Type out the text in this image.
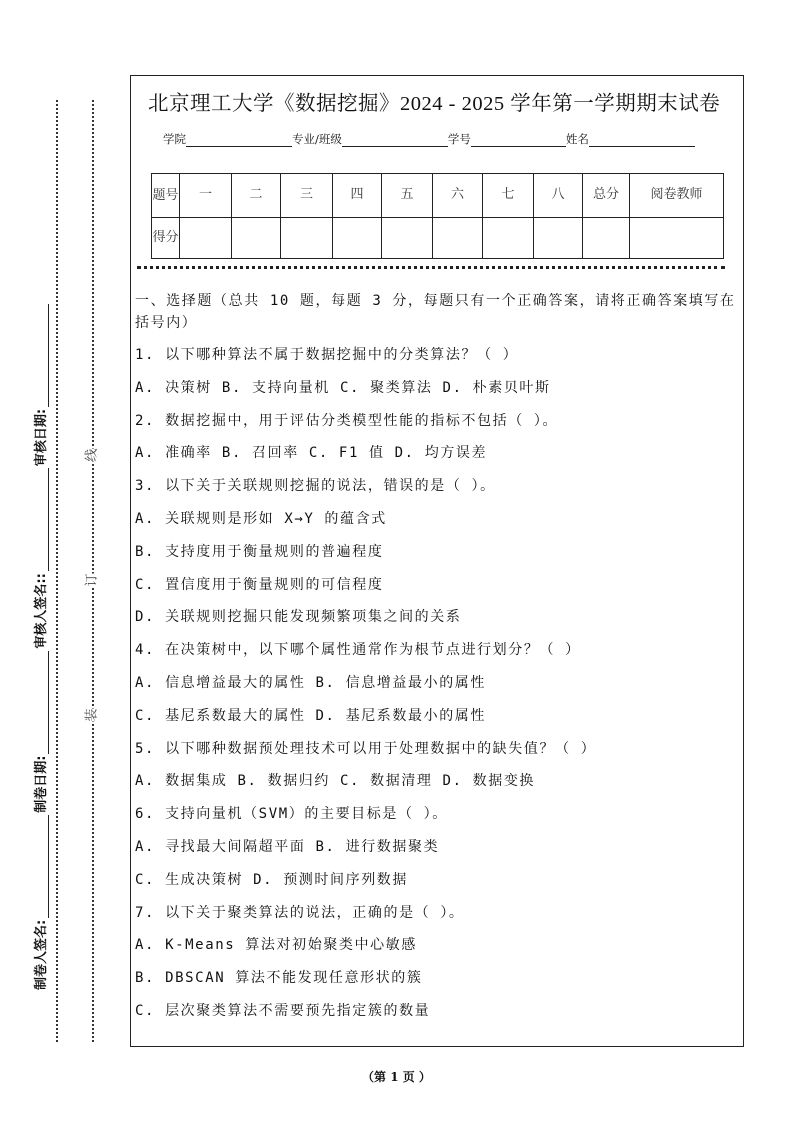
装
订
线
制卷人签名:
制卷日期:
审核人签名::
审核日期:
北京理工大学《数据挖掘》2024 - 2025 学年第一学期期末试卷
学院	专业/班级	学号	姓名
题号	一	二	三	四	五	六	七	八	总分	阅卷教师
得分										
一、选择题（总共 10 题，每题 3 分，每题只有一个正确答案，请将正确答案填写在括号内）
1. 以下哪种算法不属于数据挖掘中的分类算法？（ ）
A. 决策树 B. 支持向量机 C. 聚类算法 D. 朴素贝叶斯
2. 数据挖掘中，用于评估分类模型性能的指标不包括（ ）。
A. 准确率 B. 召回率 C. F1 值 D. 均方误差
3. 以下关于关联规则挖掘的说法，错误的是（ ）。
A. 关联规则是形如 X→Y 的蕴含式
B. 支持度用于衡量规则的普遍程度
C. 置信度用于衡量规则的可信程度
D. 关联规则挖掘只能发现频繁项集之间的关系
4. 在决策树中，以下哪个属性通常作为根节点进行划分？（ ）
A. 信息增益最大的属性 B. 信息增益最小的属性
C. 基尼系数最大的属性 D. 基尼系数最小的属性
5. 以下哪种数据预处理技术可以用于处理数据中的缺失值？（ ）
A. 数据集成 B. 数据归约 C. 数据清理 D. 数据变换
6. 支持向量机（SVM）的主要目标是（ ）。
A. 寻找最大间隔超平面 B. 进行数据聚类
C. 生成决策树 D. 预测时间序列数据
7. 以下关于聚类算法的说法，正确的是（ ）。
A. K-Means 算法对初始聚类中心敏感
B. DBSCAN 算法不能发现任意形状的簇
C. 层次聚类算法不需要预先指定簇的数量
（第 1 页 ）
